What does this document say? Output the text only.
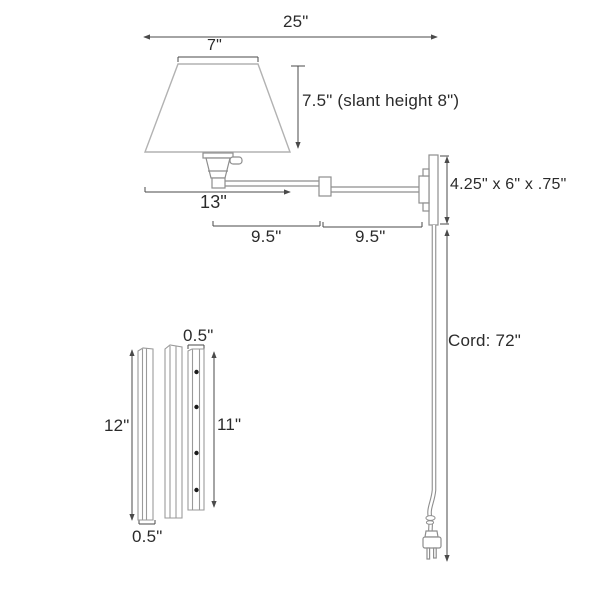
25"
7"
7.5" (slant height 8")
13"
9.5"	9.5"
4.25" x 6" x .75"
Cord: 72"
0.5"
12"	11"
0.5"
